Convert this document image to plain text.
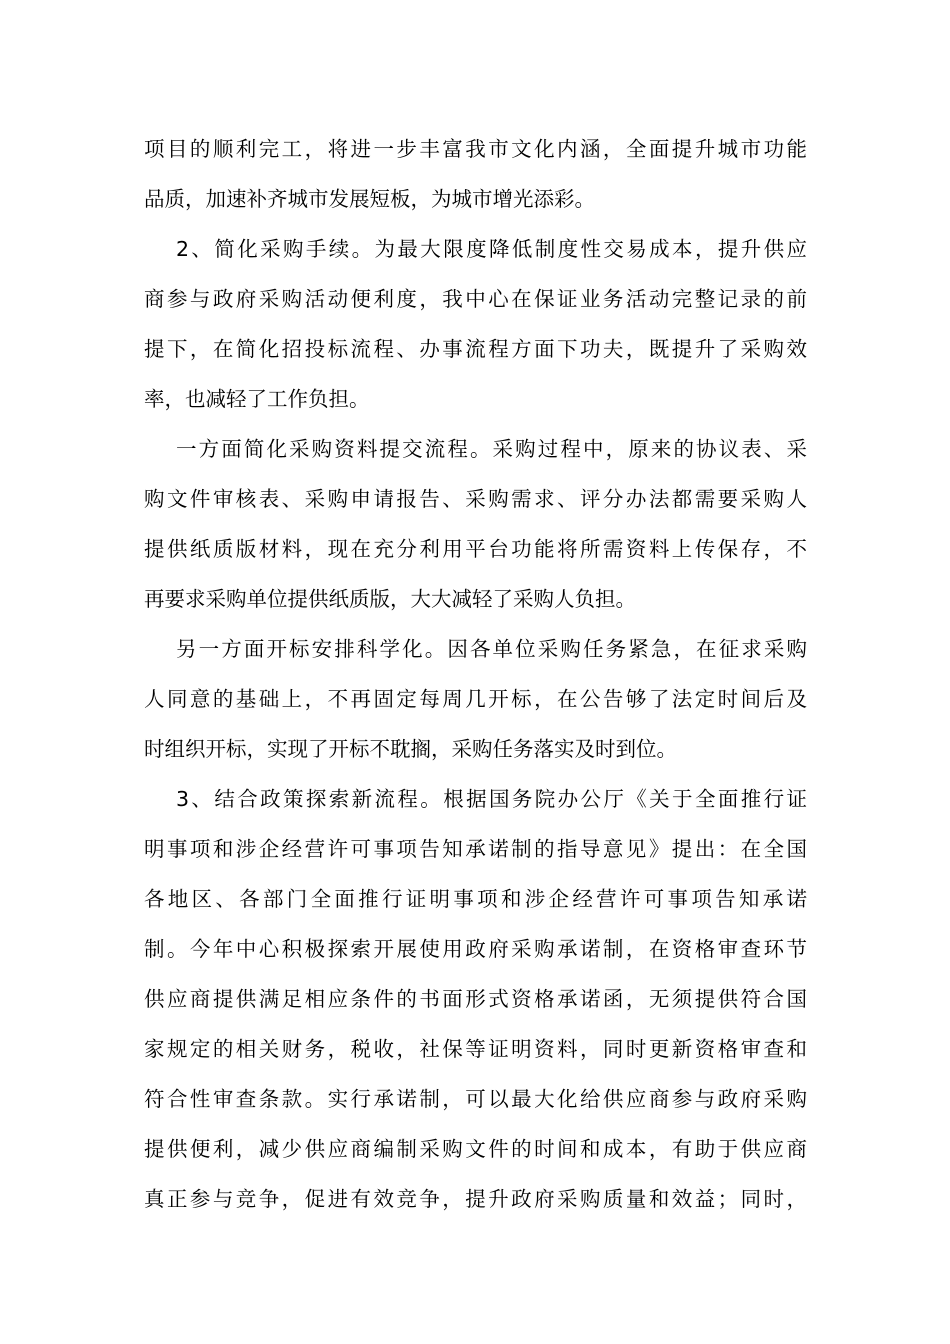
项目的顺利完工，将进一步丰富我市文化内涵，全面提升城市功能
品质，加速补齐城市发展短板，为城市增光添彩。
2、简化采购手续。为最大限度降低制度性交易成本，提升供应
商参与政府采购活动便利度，我中心在保证业务活动完整记录的前
提下，在简化招投标流程、办事流程方面下功夫，既提升了采购效
率，也减轻了工作负担。
一方面简化采购资料提交流程。采购过程中，原来的协议表、采
购文件审核表、采购申请报告、采购需求、评分办法都需要采购人
提供纸质版材料，现在充分利用平台功能将所需资料上传保存，不
再要求采购单位提供纸质版，大大减轻了采购人负担。
另一方面开标安排科学化。因各单位采购任务紧急，在征求采购
人同意的基础上，不再固定每周几开标，在公告够了法定时间后及
时组织开标，实现了开标不耽搁，采购任务落实及时到位。
3、结合政策探索新流程。根据国务院办公厅《关于全面推行证
明事项和涉企经营许可事项告知承诺制的指导意见》提出：在全国
各地区、各部门全面推行证明事项和涉企经营许可事项告知承诺
制。今年中心积极探索开展使用政府采购承诺制，在资格审查环节
供应商提供满足相应条件的书面形式资格承诺函，无须提供符合国
家规定的相关财务，税收，社保等证明资料，同时更新资格审查和
符合性审查条款。实行承诺制，可以最大化给供应商参与政府采购
提供便利，减少供应商编制采购文件的时间和成本，有助于供应商
真正参与竞争，促进有效竞争，提升政府采购质量和效益；同时，
